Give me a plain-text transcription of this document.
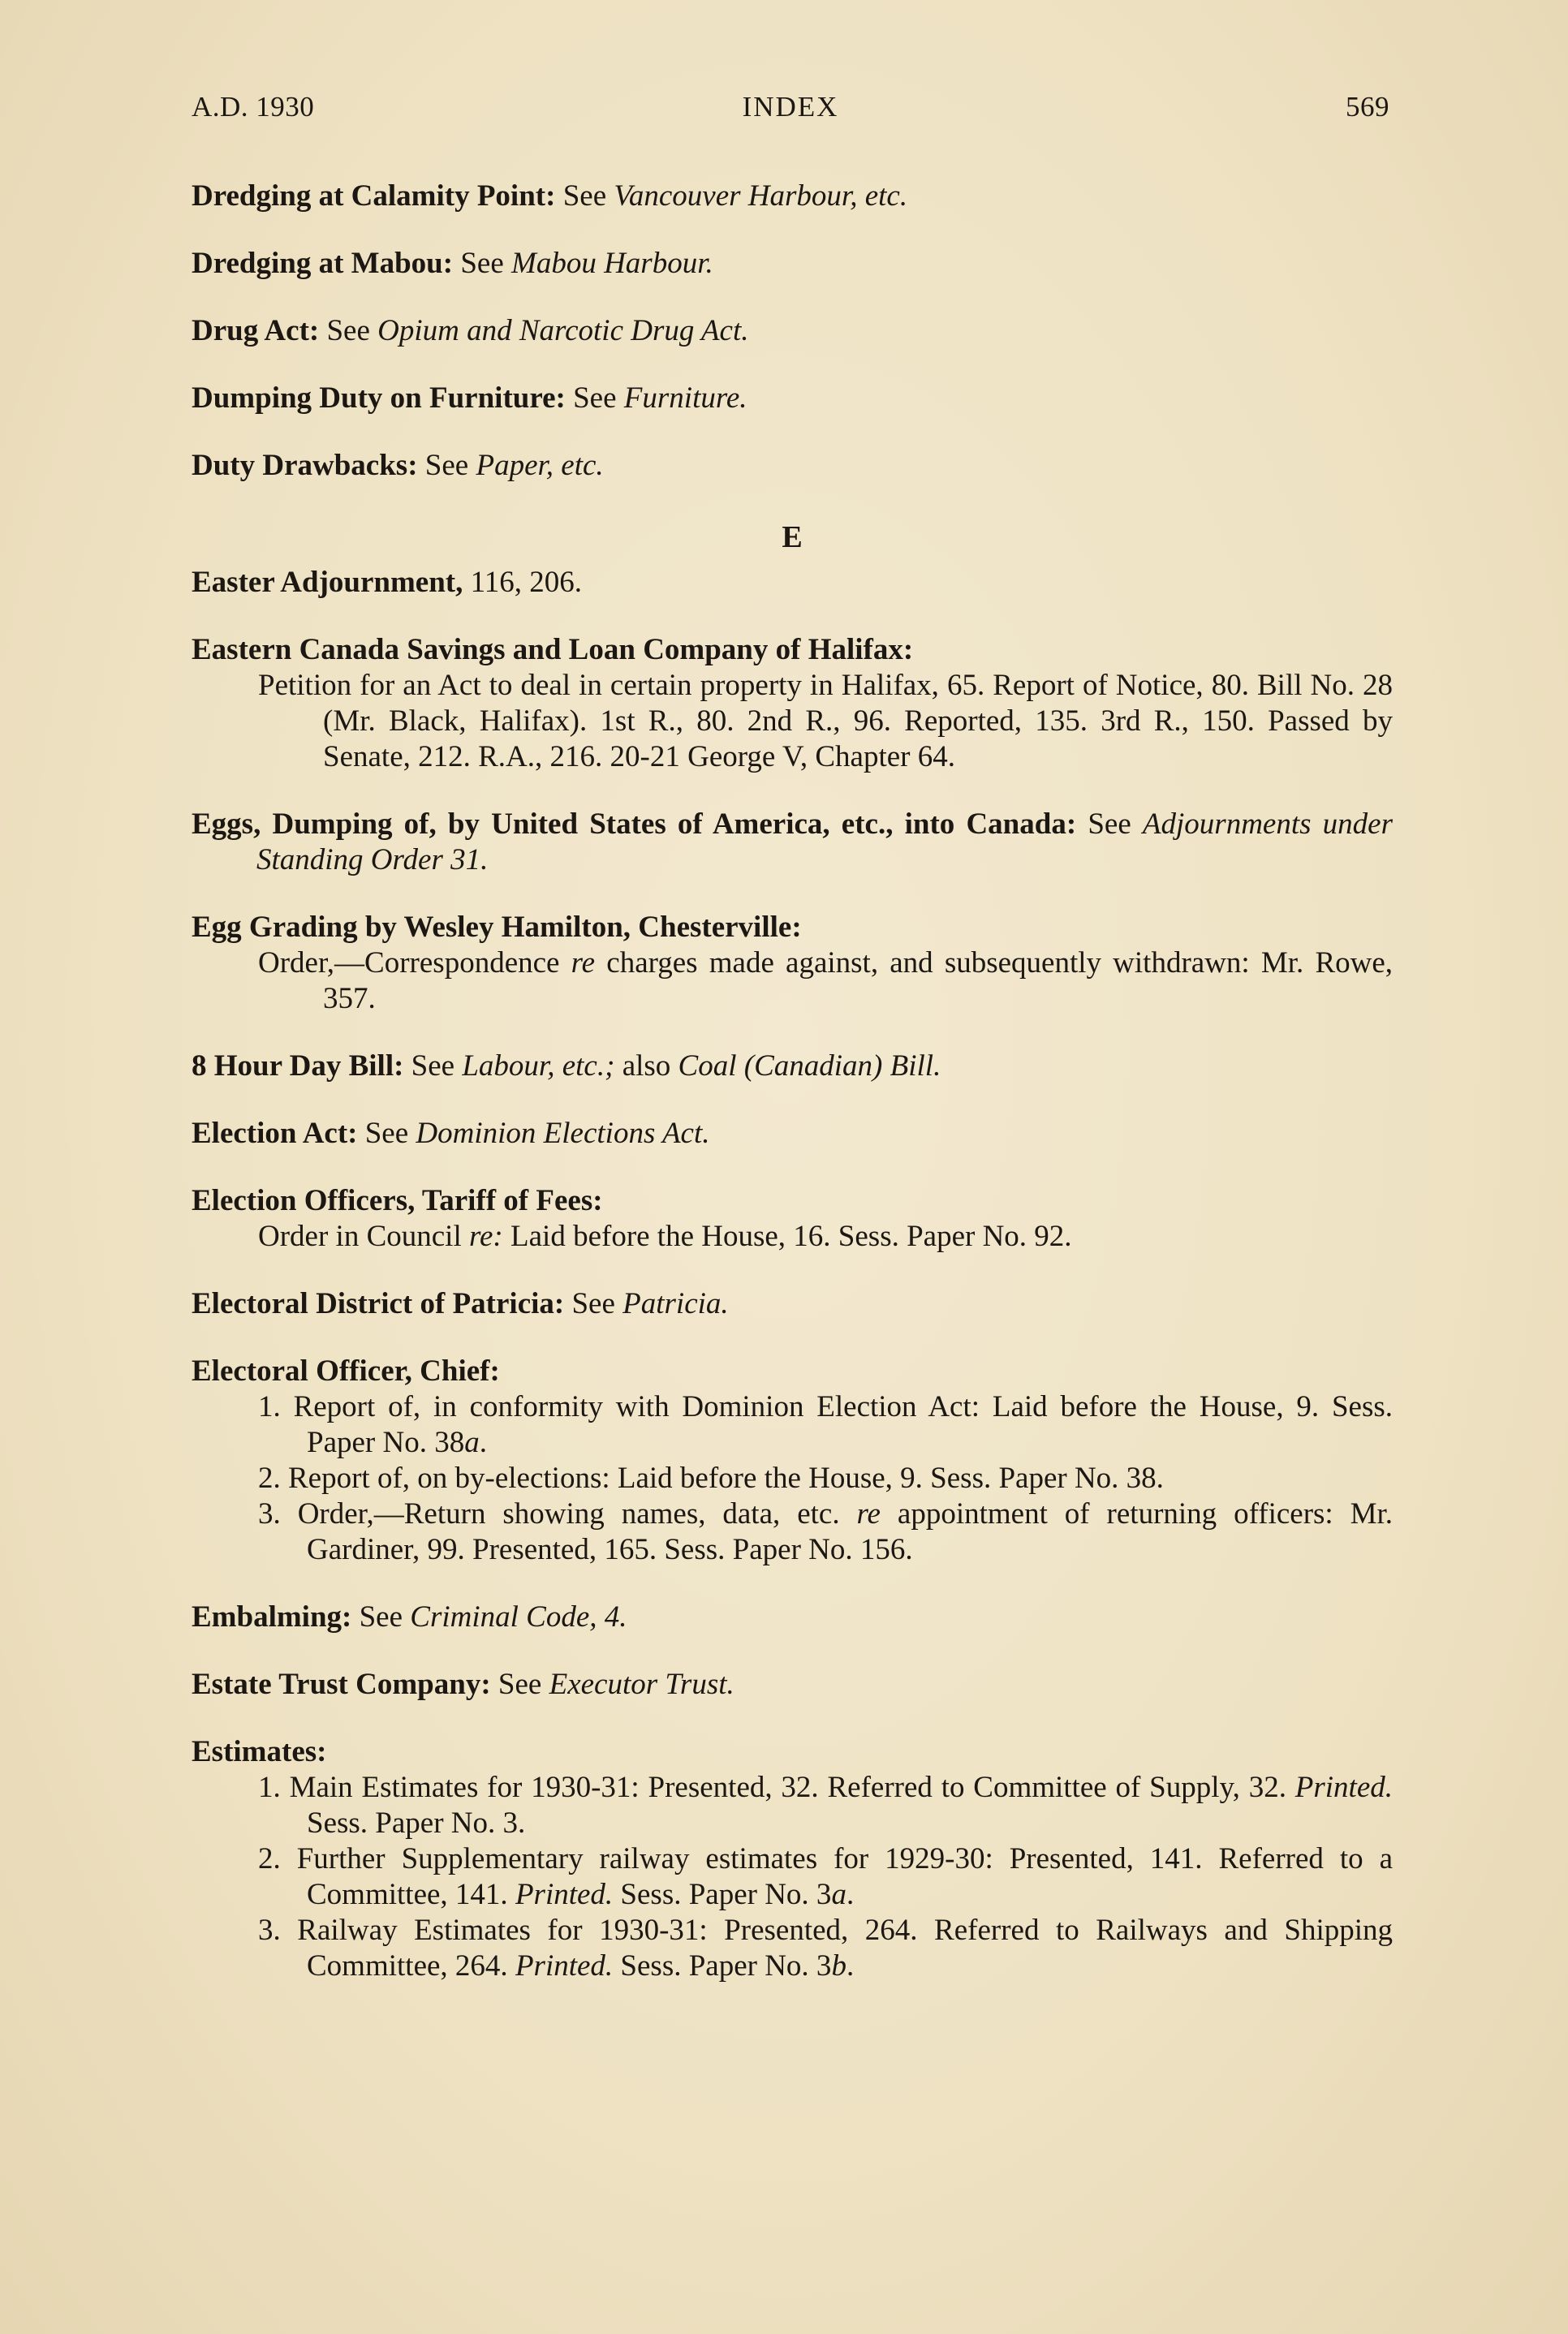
A.D. 1930	INDEX	569
Dredging at Calamity Point: See Vancouver Harbour, etc.
Dredging at Mabou: See Mabou Harbour.
Drug Act: See Opium and Narcotic Drug Act.
Dumping Duty on Furniture: See Furniture.
Duty Drawbacks: See Paper, etc.
E
Easter Adjournment, 116, 206.
Eastern Canada Savings and Loan Company of Halifax:
Petition for an Act to deal in certain property in Halifax, 65. Report of Notice, 80. Bill No. 28 (Mr. Black, Halifax). 1st R., 80. 2nd R., 96. Reported, 135. 3rd R., 150. Passed by Senate, 212. R.A., 216. 20-21 George V, Chapter 64.
Eggs, Dumping of, by United States of America, etc., into Canada: See Adjournments under Standing Order 31.
Egg Grading by Wesley Hamilton, Chesterville:
Order,—Correspondence re charges made against, and subsequently withdrawn: Mr. Rowe, 357.
8 Hour Day Bill: See Labour, etc.; also Coal (Canadian) Bill.
Election Act: See Dominion Elections Act.
Election Officers, Tariff of Fees:
Order in Council re: Laid before the House, 16. Sess. Paper No. 92.
Electoral District of Patricia: See Patricia.
Electoral Officer, Chief:
1. Report of, in conformity with Dominion Election Act: Laid before the House, 9. Sess. Paper No. 38a.
2. Report of, on by-elections: Laid before the House, 9. Sess. Paper No. 38.
3. Order,—Return showing names, data, etc. re appointment of returning officers: Mr. Gardiner, 99. Presented, 165. Sess. Paper No. 156.
Embalming: See Criminal Code, 4.
Estate Trust Company: See Executor Trust.
Estimates:
1. Main Estimates for 1930-31: Presented, 32. Referred to Committee of Supply, 32. Printed. Sess. Paper No. 3.
2. Further Supplementary railway estimates for 1929-30: Presented, 141. Referred to a Committee, 141. Printed. Sess. Paper No. 3a.
3. Railway Estimates for 1930-31: Presented, 264. Referred to Railways and Shipping Committee, 264. Printed. Sess. Paper No. 3b.
